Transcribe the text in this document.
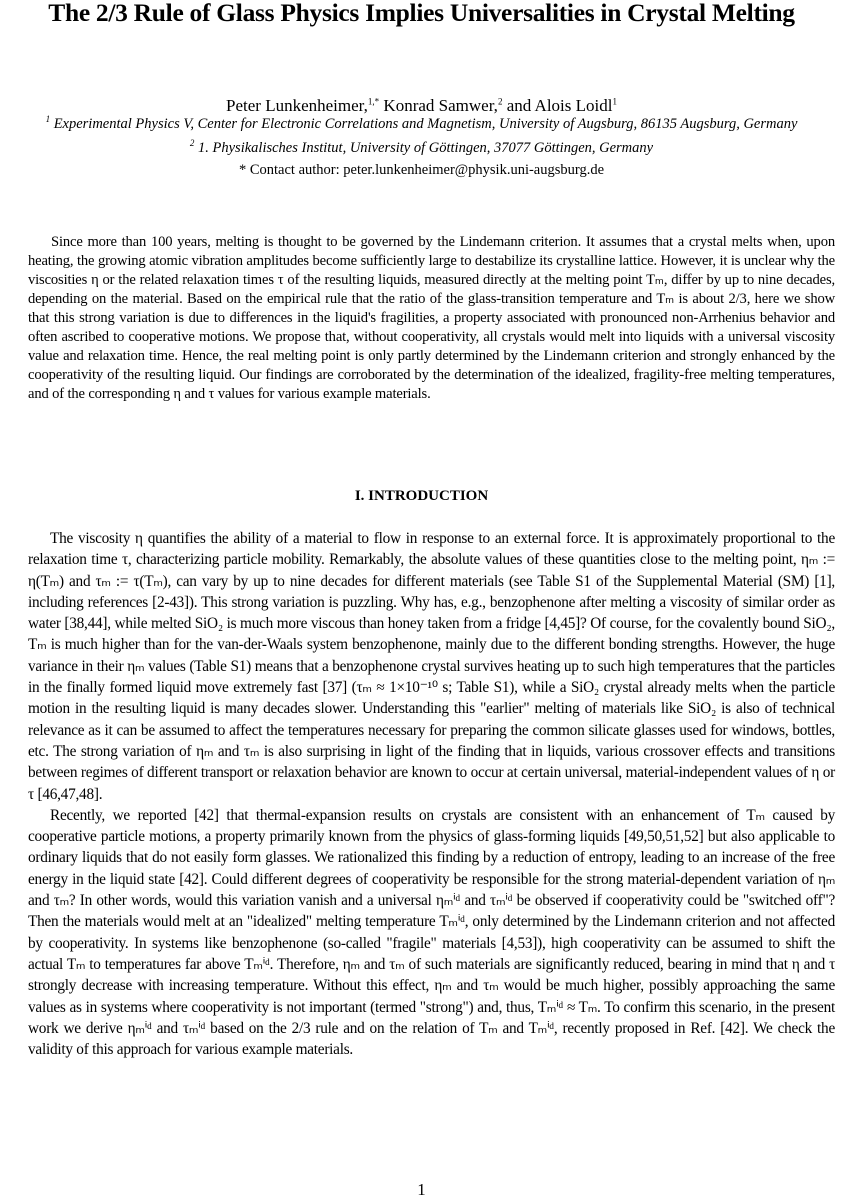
The 2/3 Rule of Glass Physics Implies Universalities in Crystal Melting
Peter Lunkenheimer,$^{1,*}$ Konrad Samwer,$^2$ and Alois Loidl$^1$
$^1$ Experimental Physics V, Center for Electronic Correlations and Magnetism, University of Augsburg, 86135 Augsburg, Germany
$^2$ 1. Physikalisches Institut, University of Göttingen, 37077 Göttingen, Germany
* Contact author: peter.lunkenheimer@physik.uni-augsburg.de

Since more than 100 years, melting is thought to be governed by the Lindemann criterion. It assumes that a crystal melts when, upon heating, the growing atomic vibration amplitudes become sufficiently large to destabilize its crystalline lattice. However, it is unclear why the viscosities η or the related relaxation times τ of the resulting liquids, measured directly at the melting point Tₘ, differ by up to nine decades, depending on the material. Based on the empirical rule that the ratio of the glass-transition temperature and Tₘ is about 2/3, here we show that this strong variation is due to differences in the liquid's fragilities, a property associated with pronounced non-Arrhenius behavior and often ascribed to cooperative motions. We propose that, without cooperativity, all crystals would melt into liquids with a universal viscosity value and relaxation time. Hence, the real melting point is only partly determined by the Lindemann criterion and strongly enhanced by the cooperativity of the resulting liquid. Our findings are corroborated by the determination of the idealized, fragility-free melting temperatures, and of the corresponding η and τ values for various example materials.

I. INTRODUCTION

The viscosity η quantifies the ability of a material to flow in response to an external force. It is approximately proportional to the relaxation time τ, characterizing particle mobility. Remarkably, the absolute values of these quantities close to the melting point, ηₘ := η(Tₘ) and τₘ := τ(Tₘ), can vary by up to nine decades for different materials (see Table S1 of the Supplemental Material (SM) [1], including references [2-43]). This strong variation is puzzling. Why has, e.g., benzophenone after melting a viscosity of similar order as water [38,44], while melted SiO₂ is much more viscous than honey taken from a fridge [4,45]? Of course, for the covalently bound SiO₂, Tₘ is much higher than for the van-der-Waals system benzophenone, mainly due to the different bonding strengths. However, the huge variance in their ηₘ values (Table S1) means that a benzophenone crystal survives heating up to such high temperatures that the particles in the finally formed liquid move extremely fast [37] (τₘ ≈ 1×10⁻¹⁰ s; Table S1), while a SiO₂ crystal already melts when the particle motion in the resulting liquid is many decades slower. Understanding this "earlier" melting of materials like SiO₂ is also of technical relevance as it can be assumed to affect the temperatures necessary for preparing the common silicate glasses used for windows, bottles, etc. The strong variation of ηₘ and τₘ is also surprising in light of the finding that in liquids, various crossover effects and transitions between regimes of different transport or relaxation behavior are known to occur at certain universal, material-independent values of η or τ [46,47,48].

Recently, we reported [42] that thermal-expansion results on crystals are consistent with an enhancement of Tₘ caused by cooperative particle motions, a property primarily known from the physics of glass-forming liquids [49,50,51,52] but also applicable to ordinary liquids that do not easily form glasses. We rationalized this finding by a reduction of entropy, leading to an increase of the free energy in the liquid state [42]. Could different degrees of cooperativity be responsible for the strong material-dependent variation of ηₘ and τₘ? In other words, would this variation vanish and a universal ηₘⁱᵈ and τₘⁱᵈ be observed if cooperativity could be "switched off"? Then the materials would melt at an "idealized" melting temperature Tₘⁱᵈ, only determined by the Lindemann criterion and not affected by cooperativity. In systems like benzophenone (so-called "fragile" materials [4,53]), high cooperativity can be assumed to shift the actual Tₘ to temperatures far above Tₘⁱᵈ. Therefore, ηₘ and τₘ of such materials are significantly reduced, bearing in mind that η and τ strongly decrease with increasing temperature. Without this effect, ηₘ and τₘ would be much higher, possibly approaching the same values as in systems where cooperativity is not important (termed "strong") and, thus, Tₘⁱᵈ ≈ Tₘ. To confirm this scenario, in the present work we derive ηₘⁱᵈ and τₘⁱᵈ based on the 2/3 rule and on the relation of Tₘ and Tₘⁱᵈ, recently proposed in Ref. [42]. We check the validity of this approach for various example materials.

1
